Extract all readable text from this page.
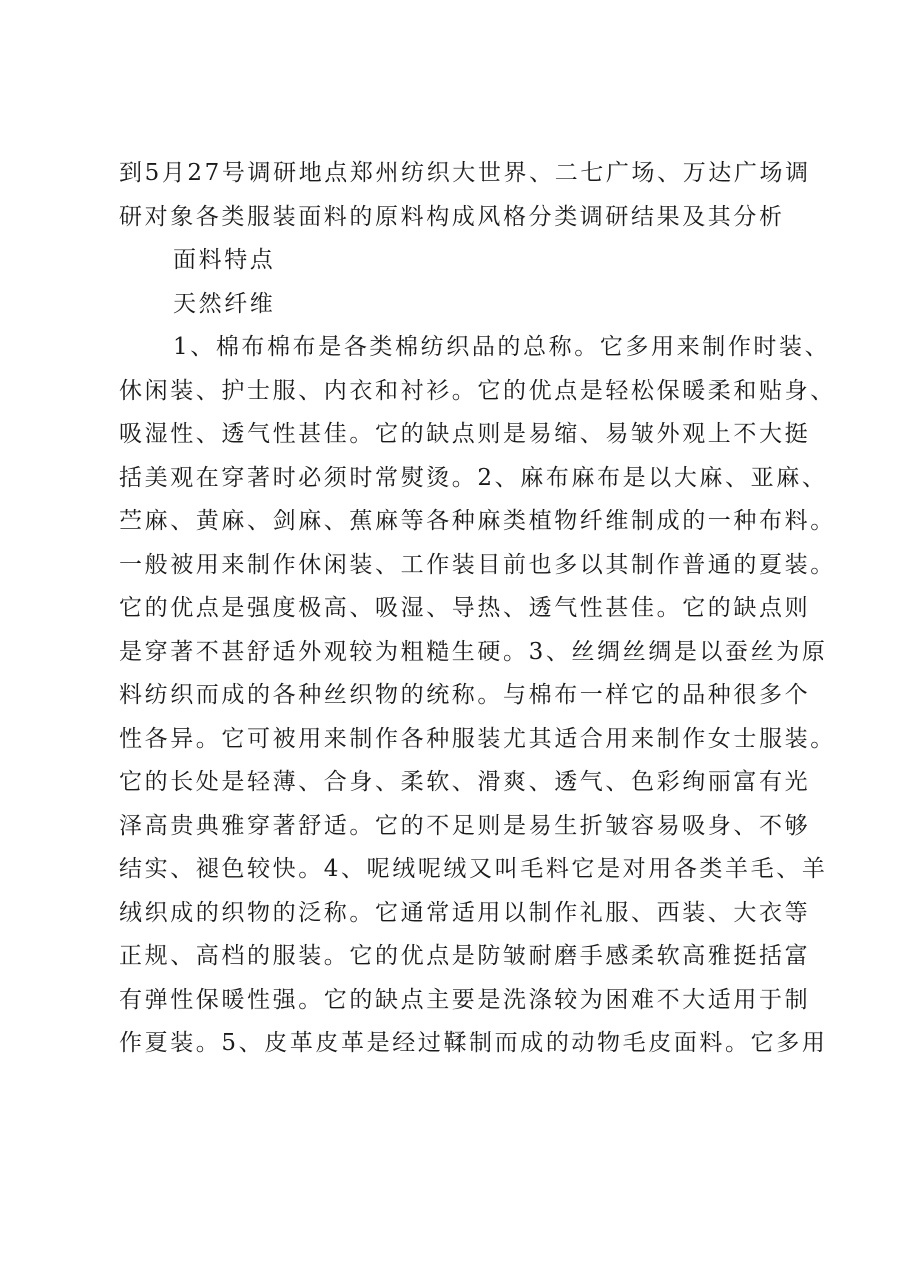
到5月27号调研地点郑州纺织大世界、二七广场、万达广场调
研对象各类服装面料的原料构成风格分类调研结果及其分析
面料特点
天然纤维
1、棉布棉布是各类棉纺织品的总称。它多用来制作时装、
休闲装、护士服、内衣和衬衫。它的优点是轻松保暖柔和贴身、
吸湿性、透气性甚佳。它的缺点则是易缩、易皱外观上不大挺
括美观在穿著时必须时常熨烫。2、麻布麻布是以大麻、亚麻、
苎麻、黄麻、剑麻、蕉麻等各种麻类植物纤维制成的一种布料。
一般被用来制作休闲装、工作装目前也多以其制作普通的夏装。
它的优点是强度极高、吸湿、导热、透气性甚佳。它的缺点则
是穿著不甚舒适外观较为粗糙生硬。3、丝绸丝绸是以蚕丝为原
料纺织而成的各种丝织物的统称。与棉布一样它的品种很多个
性各异。它可被用来制作各种服装尤其适合用来制作女士服装。
它的长处是轻薄、合身、柔软、滑爽、透气、色彩绚丽富有光
泽高贵典雅穿著舒适。它的不足则是易生折皱容易吸身、不够
结实、褪色较快。4、呢绒呢绒又叫毛料它是对用各类羊毛、羊
绒织成的织物的泛称。它通常适用以制作礼服、西装、大衣等
正规、高档的服装。它的优点是防皱耐磨手感柔软高雅挺括富
有弹性保暖性强。它的缺点主要是洗涤较为困难不大适用于制
作夏装。5、皮革皮革是经过鞣制而成的动物毛皮面料。它多用
